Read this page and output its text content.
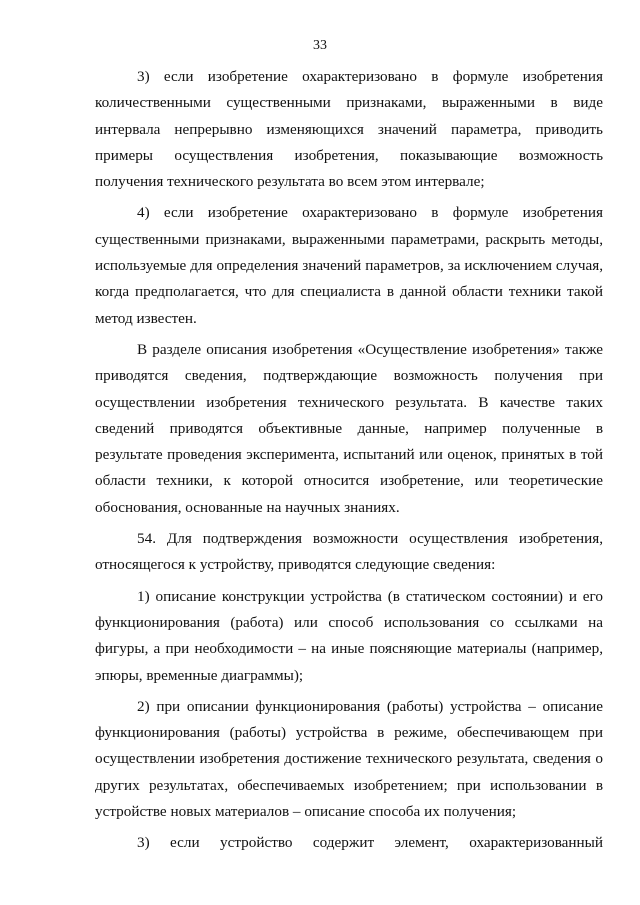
33

3) если изобретение охарактеризовано в формуле изобретения количественными существенными признаками, выраженными в виде интервала непрерывно изменяющихся значений параметра, приводить примеры осуществления изобретения, показывающие возможность получения технического результата во всем этом интервале;

4) если изобретение охарактеризовано в формуле изобретения существенными признаками, выраженными параметрами, раскрыть методы, используемые для определения значений параметров, за исключением случая, когда предполагается, что для специалиста в данной области техники такой метод известен.

В разделе описания изобретения «Осуществление изобретения» также приводятся сведения, подтверждающие возможность получения при осуществлении изобретения технического результата. В качестве таких сведений приводятся объективные данные, например полученные в результате проведения эксперимента, испытаний или оценок, принятых в той области техники, к которой относится изобретение, или теоретические обоснования, основанные на научных знаниях.

54. Для подтверждения возможности осуществления изобретения, относящегося к устройству, приводятся следующие сведения:

1) описание конструкции устройства (в статическом состоянии) и его функционирования (работа) или способ использования со ссылками на фигуры, а при необходимости – на иные поясняющие материалы (например, эпюры, временные диаграммы);

2) при описании функционирования (работы) устройства – описание функционирования (работы) устройства в режиме, обеспечивающем при осуществлении изобретения достижение технического результата, сведения о других результатах, обеспечиваемых изобретением; при использовании в устройстве новых материалов – описание способа их получения;

3) если устройство содержит элемент, охарактеризованный
